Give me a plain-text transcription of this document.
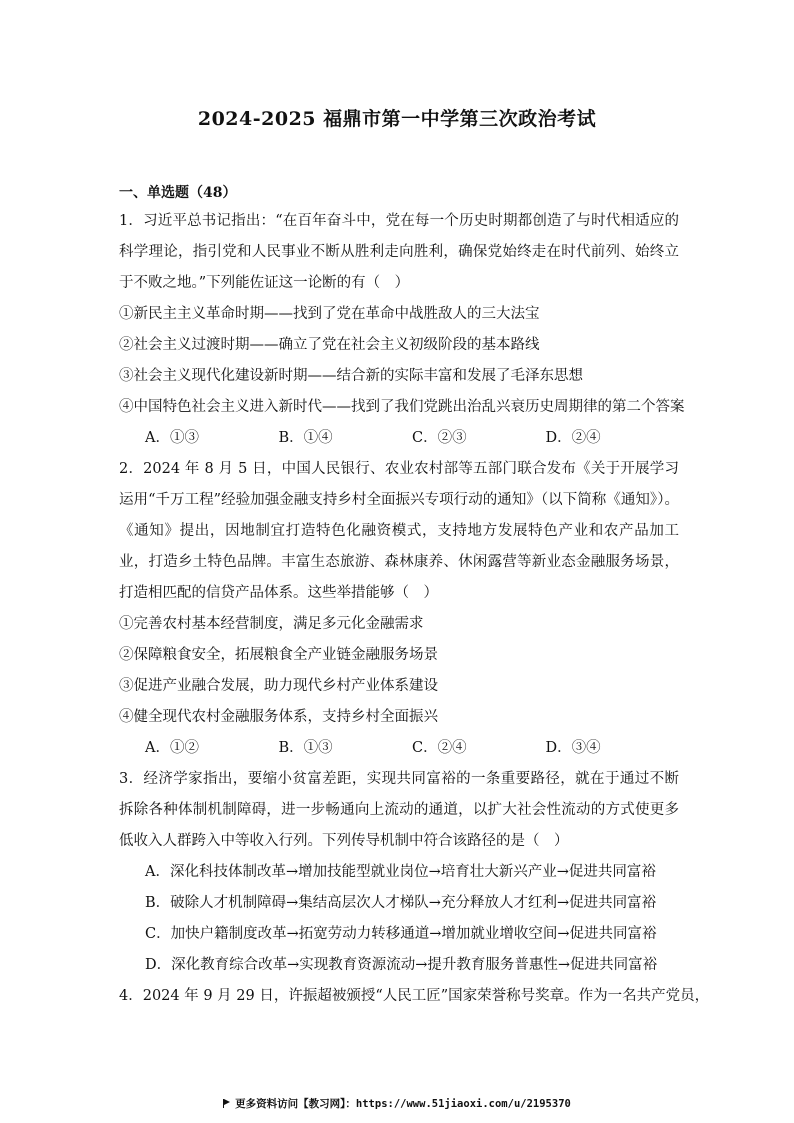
2024-2025 福鼎市第一中学第三次政治考试
一、单选题（48）

1．习近平总书记指出：“在百年奋斗中，党在每一个历史时期都创造了与时代相适应的科学理论，指引党和人民事业不断从胜利走向胜利，确保党始终走在时代前列、始终立于不败之地。”下列能佐证这一论断的有（　）

①新民主主义革命时期——找到了党在革命中战胜敌人的三大法宝

②社会主义过渡时期——确立了党在社会主义初级阶段的基本路线

③社会主义现代化建设新时期——结合新的实际丰富和发展了毛泽东思想

④中国特色社会主义进入新时代——找到了我们党跳出治乱兴衰历史周期律的第二个答案

A．①③	B．①④	C．②③	D．②④

2．2024 年 8 月 5 日，中国人民银行、农业农村部等五部门联合发布《关于开展学习运用“千万工程”经验加强金融支持乡村全面振兴专项行动的通知》（以下简称《通知》）。《通知》提出，因地制宜打造特色化融资模式，支持地方发展特色产业和农产品加工业，打造乡土特色品牌。丰富生态旅游、森林康养、休闲露营等新业态金融服务场景，打造相匹配的信贷产品体系。这些举措能够（　）

①完善农村基本经营制度，满足多元化金融需求

②保障粮食安全，拓展粮食全产业链金融服务场景

③促进产业融合发展，助力现代乡村产业体系建设

④健全现代农村金融服务体系，支持乡村全面振兴

A．①②	B．①③	C．②④	D．③④

3．经济学家指出，要缩小贫富差距，实现共同富裕的一条重要路径，就在于通过不断拆除各种体制机制障碍，进一步畅通向上流动的通道，以扩大社会性流动的方式使更多低收入人群跨入中等收入行列。下列传导机制中符合该路径的是（　）

A．深化科技体制改革→增加技能型就业岗位→培育壮大新兴产业→促进共同富裕

B．破除人才机制障碍→集结高层次人才梯队→充分释放人才红利→促进共同富裕

C．加快户籍制度改革→拓宽劳动力转移通道→增加就业增收空间→促进共同富裕

D．深化教育综合改革→实现教育资源流动→提升教育服务普惠性→促进共同富裕

4．2024 年 9 月 29 日，许振超被颁授“人民工匠”国家荣誉称号奖章。作为一名共产党员，

更多资料访问【教习网】：https://www.51jiaoxi.com/u/2195370
